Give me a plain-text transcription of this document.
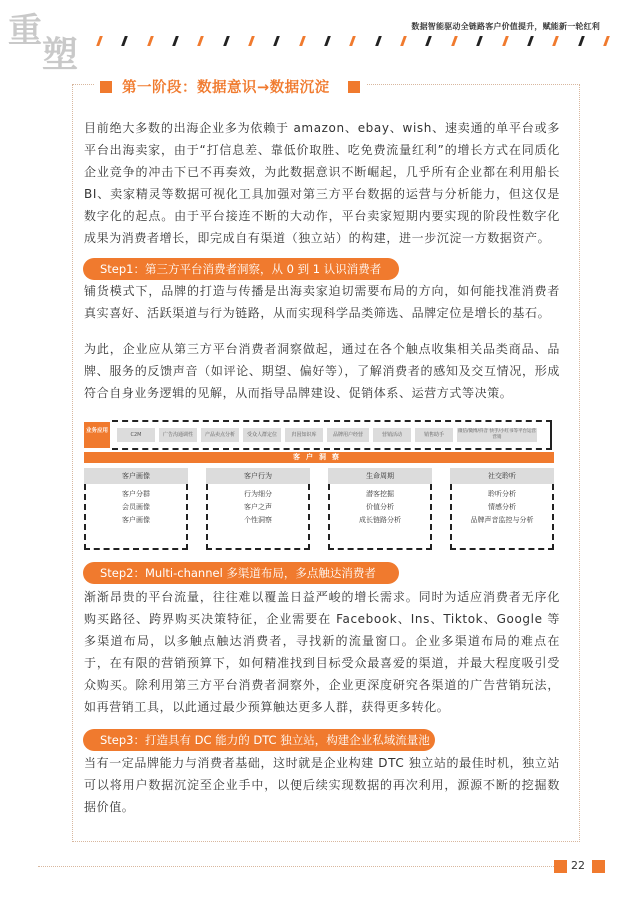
重
塑
数据智能驱动全链路客户价值提升，赋能新一轮红利
第一阶段：数据意识→数据沉淀
目前绝大多数的出海企业多为依赖于 amazon、ebay、wish、速卖通的单平台或多平台出海卖家，由于“打信息差、靠低价取胜、吃免费流量红利”的增长方式在同质化企业竞争的冲击下已不再奏效，为此数据意识不断崛起，几乎所有企业都在利用船长 BI、卖家精灵等数据可视化工具加强对第三方平台数据的运营与分析能力，但这仅是数字化的起点。由于平台接连不断的大动作，平台卖家短期内要实现的阶段性数字化成果为消费者增长，即完成自有渠道（独立站）的构建，进一步沉淀一方数据资产。
Step1：第三方平台消费者洞察，从 0 到 1 认识消费者
铺货模式下，品牌的打造与传播是出海卖家迫切需要布局的方向，如何能找准消费者真实喜好、活跃渠道与行为链路，从而实现科学品类筛选、品牌定位是增长的基石。
为此，企业应从第三方平台消费者洞察做起，通过在各个触点收集相关品类商品、品牌、服务的反馈声音（如评论、期望、偏好等），了解消费者的感知及交互情况，形成符合自身业务逻辑的见解，从而指导品牌建设、促销体系、运营方式等决策。
业务应用
C2M	广告沟通调性	产品卖点分析	受众人群定位	归因知识库	品牌用户经营	营销活动	销售助手
微信/微博/抖音 快手/小红书等平台运营营销
客户洞察
客户画像
客户分群
会员画像
客户画像
客户行为
行为细分
客户之声
个性洞察
生命周期
潜客挖掘
价值分析
成长链路分析
社交聆听
聆听分析
情感分析
品牌声音监控与分析
Step2：Multi-channel 多渠道布局，多点触达消费者
渐渐昂贵的平台流量，往往难以覆盖日益严峻的增长需求。同时为适应消费者无序化购买路径、跨界购买决策特征，企业需要在 Facebook、Ins、Tiktok、Google 等多渠道布局，以多触点触达消费者，寻找新的流量窗口。企业多渠道布局的难点在于，在有限的营销预算下，如何精准找到目标受众最喜爱的渠道，并最大程度吸引受众购买。除利用第三方平台消费者洞察外，企业更深度研究各渠道的广告营销玩法，如再营销工具，以此通过最少预算触达更多人群，获得更多转化。
Step3：打造具有 DC 能力的 DTC 独立站，构建企业私域流量池
当有一定品牌能力与消费者基础，这时就是企业构建 DTC 独立站的最佳时机，独立站可以将用户数据沉淀至企业手中，以便后续实现数据的再次利用，源源不断的挖掘数据价值。
22
